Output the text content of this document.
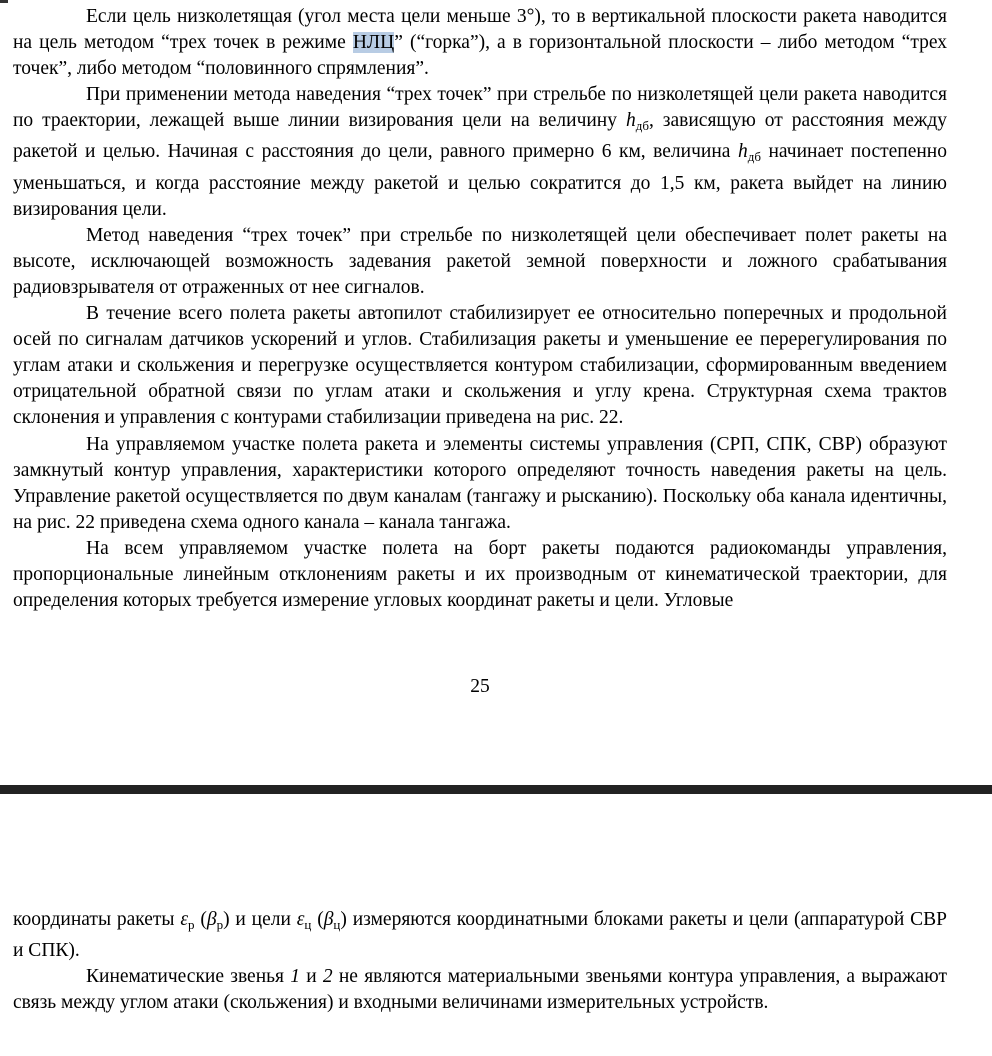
Если цель низколетящая (угол места цели меньше 3°), то в вертикальной плоскости ракета наводится на цель методом “трех точек в режиме НЛЦ” (“горка”), а в горизонтальной плоскости – либо методом “трех точек”, либо методом “половинного спрямления”.

При применении метода наведения “трех точек” при стрельбе по низколетящей цели ракета наводится по траектории, лежащей выше линии визирования цели на величину $h_{дб}$, зависящую от расстояния между ракетой и целью. Начиная с расстояния до цели, равного примерно 6 км, величина $h_{дб}$ начинает постепенно уменьшаться, и когда расстояние между ракетой и целью сократится до 1,5 км, ракета выйдет на линию визирования цели.

Метод наведения “трех точек” при стрельбе по низколетящей цели обеспечивает полет ракеты на высоте, исключающей возможность задевания ракетой земной поверхности и ложного срабатывания радиовзрывателя от отраженных от нее сигналов.

В течение всего полета ракеты автопилот стабилизирует ее относительно поперечных и продольной осей по сигналам датчиков ускорений и углов. Стабилизация ракеты и уменьшение ее перерегулирования по углам атаки и скольжения и перегрузке осуществляется контуром стабилизации, сформированным введением отрицательной обратной связи по углам атаки и скольжения и углу крена. Структурная схема трактов склонения и управления с контурами стабилизации приведена на рис. 22.

На управляемом участке полета ракета и элементы системы управления (СРП, СПК, СВР) образуют замкнутый контур управления, характеристики которого определяют точность наведения ракеты на цель. Управление ракетой осуществляется по двум каналам (тангажу и рысканию). Поскольку оба канала идентичны, на рис. 22 приведена схема одного канала – канала тангажа.

На всем управляемом участке полета на борт ракеты подаются радиокоманды управления, пропорциональные линейным отклонениям ракеты и их производным от кинематической траектории, для определения которых требуется измерение угловых координат ракеты и цели. Угловые

25

координаты ракеты $\varepsilon_р$ $(\beta_р)$ и цели $\varepsilon_ц$ $(\beta_ц)$ измеряются координатными блоками ракеты и цели (аппаратурой СВР и СПК).

Кинематические звенья 1 и 2 не являются материальными звеньями контура управления, а выражают связь между углом атаки (скольжения) и входными величинами измерительных устройств.
